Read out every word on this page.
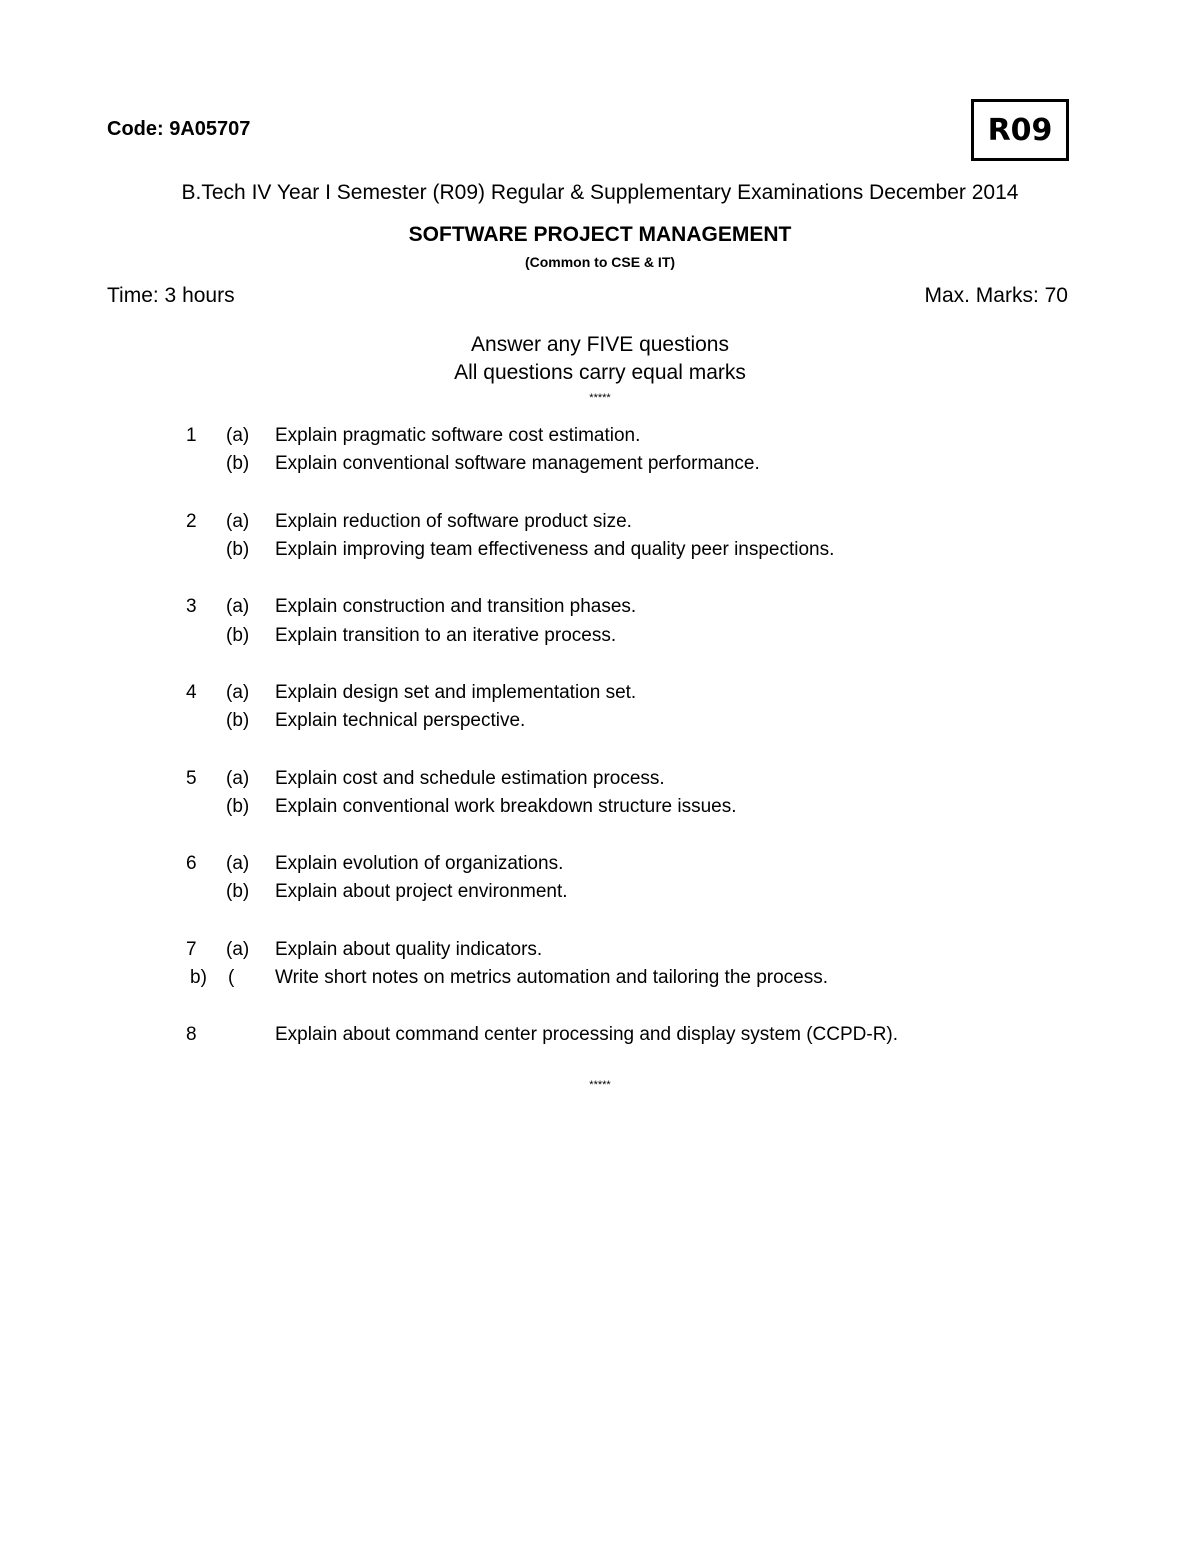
Code: 9A05707	R09
B.Tech IV Year I Semester (R09) Regular & Supplementary Examinations December 2014
SOFTWARE PROJECT MANAGEMENT
(Common to CSE & IT)
Time: 3 hours	Max. Marks: 70
Answer any FIVE questions
All questions carry equal marks
*****
1 (a) Explain pragmatic software cost estimation.
(b) Explain conventional software management performance.
2 (a) Explain reduction of software product size.
(b) Explain improving team effectiveness and quality peer inspections.
3 (a) Explain construction and transition phases.
(b) Explain transition to an iterative process.
4 (a) Explain design set and implementation set.
(b) Explain technical perspective.
5 (a) Explain cost and schedule estimation process.
(b) Explain conventional work breakdown structure issues.
6 (a) Explain evolution of organizations.
(b) Explain about project environment.
7 (a) Explain about quality indicators.
b) ( Write short notes on metrics automation and tailoring the process.
8	Explain about command center processing and display system (CCPD-R).
*****
